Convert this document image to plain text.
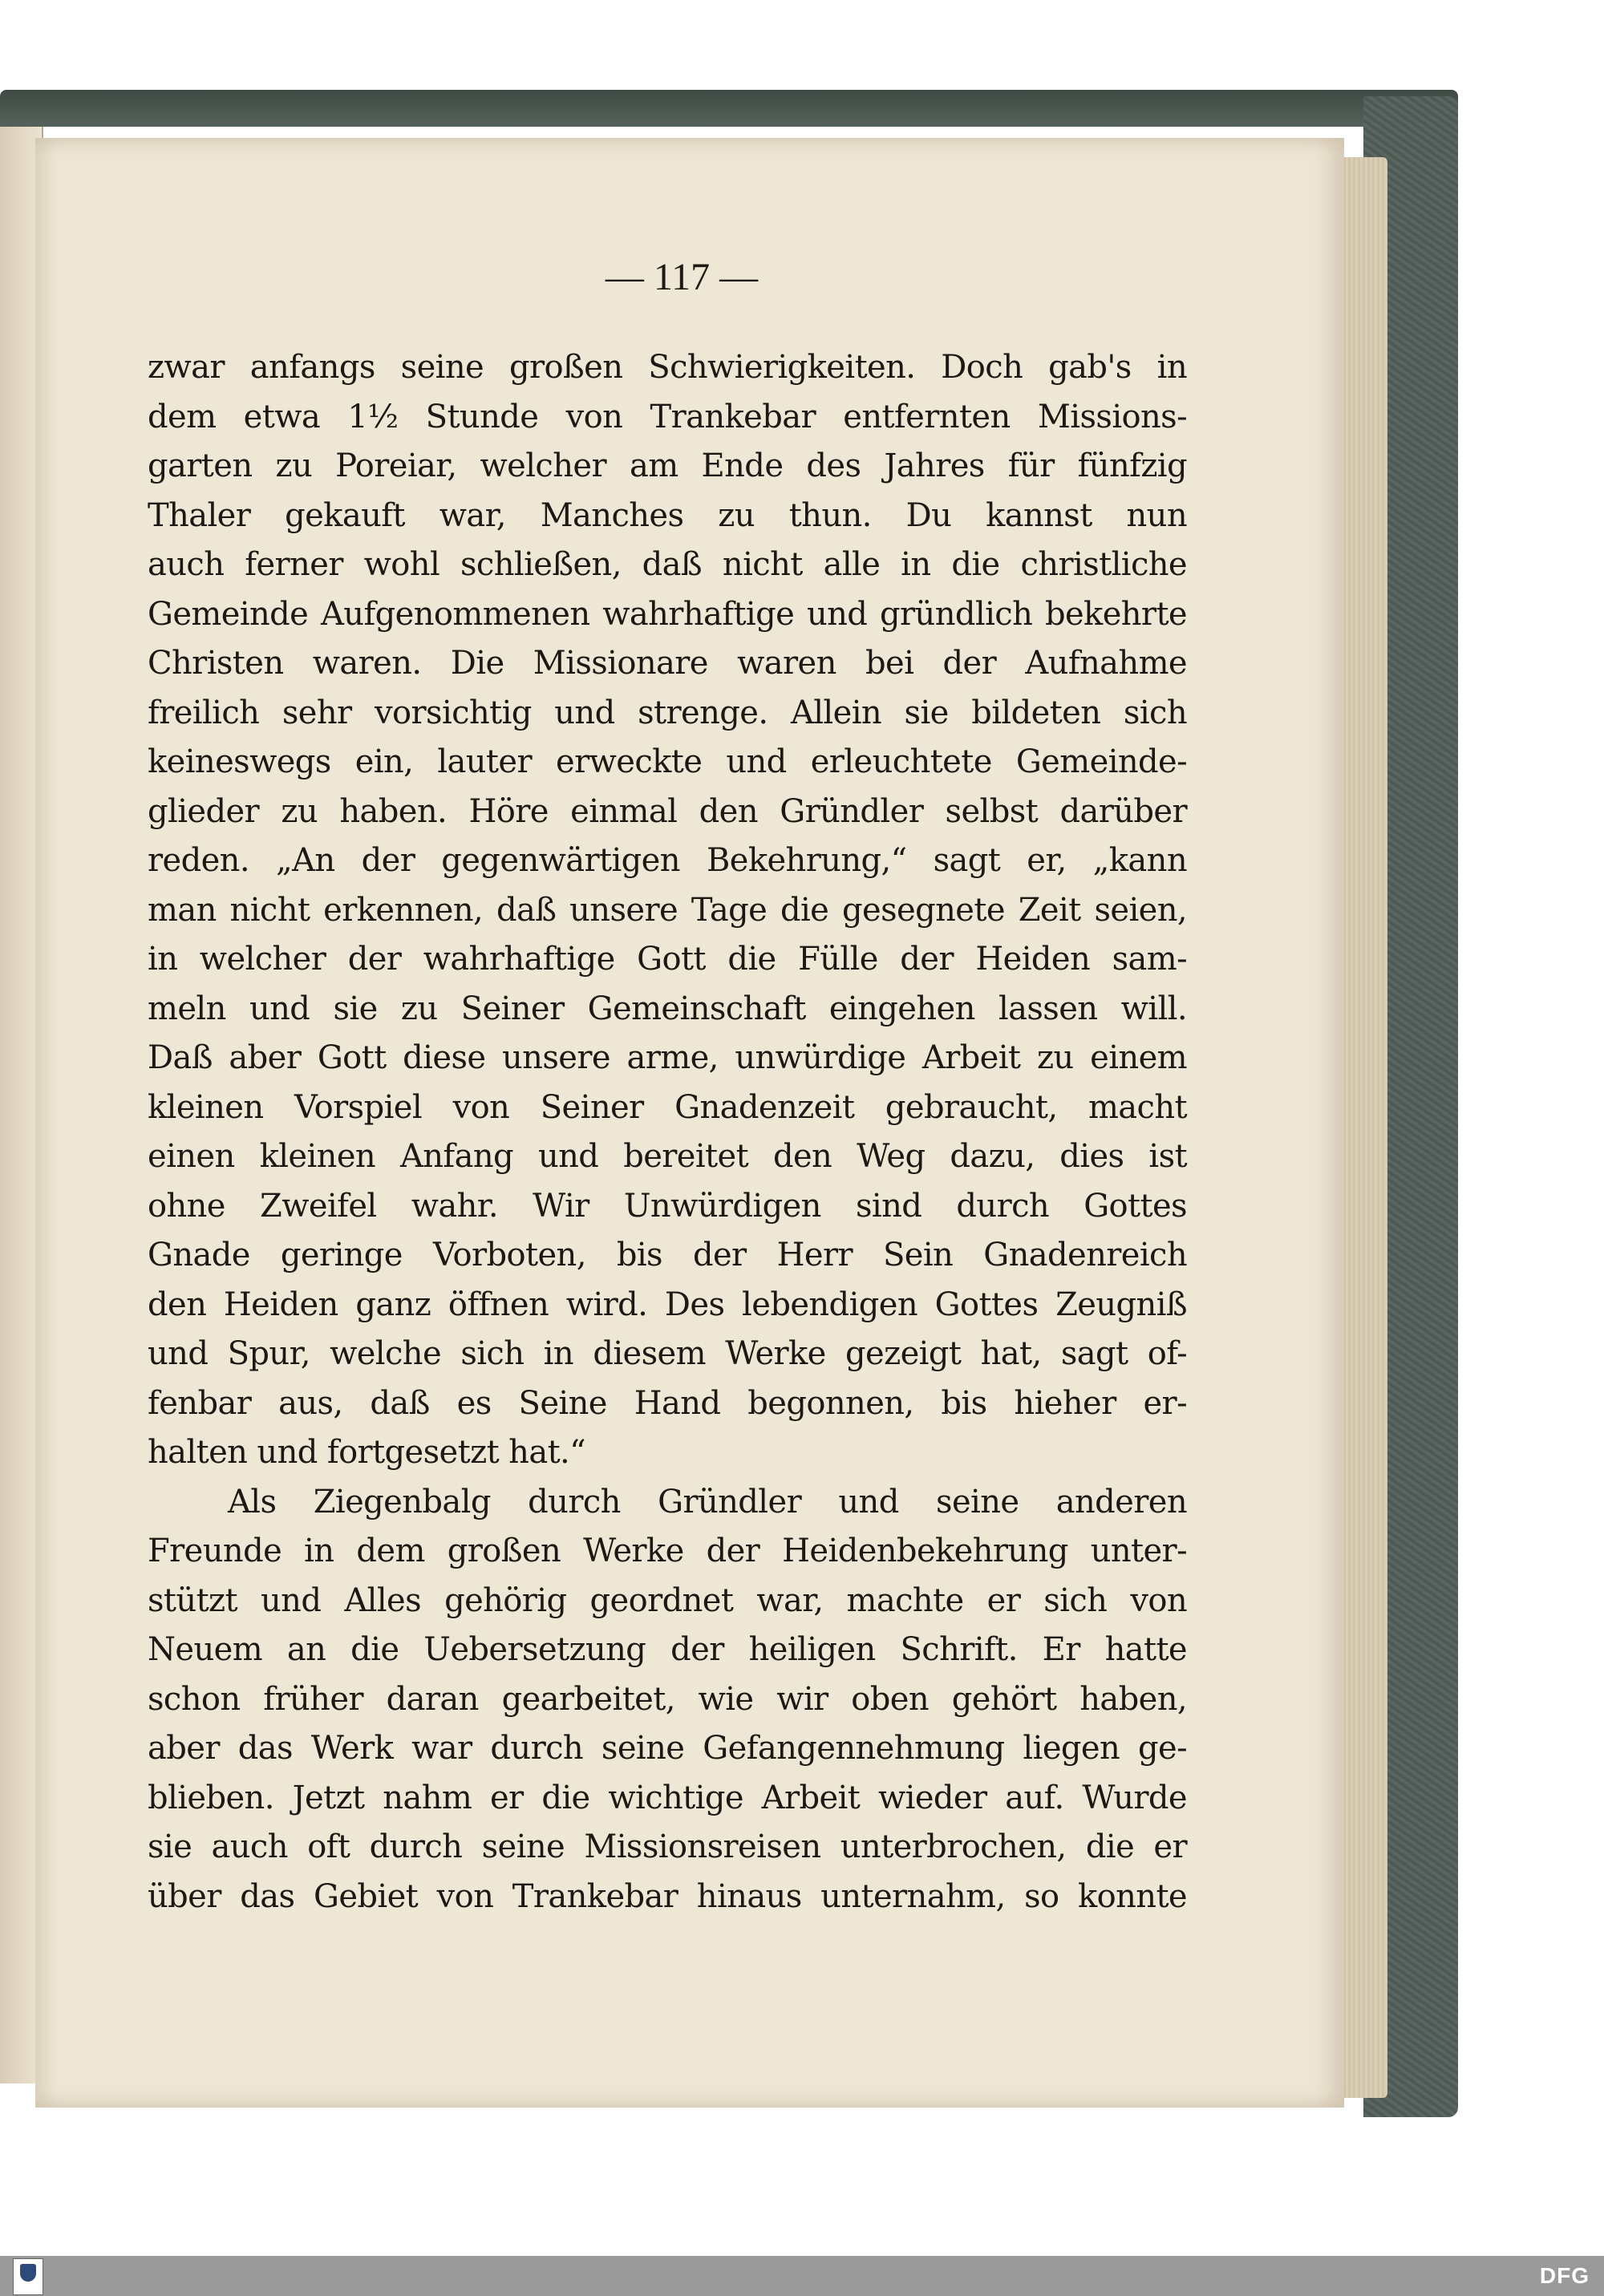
— 117 —
zwar anfangs seine großen Schwierigkeiten. Doch gab's in
dem etwa 1½ Stunde von Trankebar entfernten Missions-
garten zu Poreiar, welcher am Ende des Jahres für fünfzig
Thaler gekauft war, Manches zu thun. Du kannst nun
auch ferner wohl schließen, daß nicht alle in die christliche
Gemeinde Aufgenommenen wahrhaftige und gründlich bekehrte
Christen waren. Die Missionare waren bei der Aufnahme
freilich sehr vorsichtig und strenge. Allein sie bildeten sich
keineswegs ein, lauter erweckte und erleuchtete Gemeinde-
glieder zu haben. Höre einmal den Gründler selbst darüber
reden. „An der gegenwärtigen Bekehrung,“ sagt er, „kann
man nicht erkennen, daß unsere Tage die gesegnete Zeit seien,
in welcher der wahrhaftige Gott die Fülle der Heiden sam-
meln und sie zu Seiner Gemeinschaft eingehen lassen will.
Daß aber Gott diese unsere arme, unwürdige Arbeit zu einem
kleinen Vorspiel von Seiner Gnadenzeit gebraucht, macht
einen kleinen Anfang und bereitet den Weg dazu, dies ist
ohne Zweifel wahr. Wir Unwürdigen sind durch Gottes
Gnade geringe Vorboten, bis der Herr Sein Gnadenreich
den Heiden ganz öffnen wird. Des lebendigen Gottes Zeugniß
und Spur, welche sich in diesem Werke gezeigt hat, sagt of-
fenbar aus, daß es Seine Hand begonnen, bis hieher er-
halten und fortgesetzt hat.“
Als Ziegenbalg durch Gründler und seine anderen
Freunde in dem großen Werke der Heidenbekehrung unter-
stützt und Alles gehörig geordnet war, machte er sich von
Neuem an die Uebersetzung der heiligen Schrift. Er hatte
schon früher daran gearbeitet, wie wir oben gehört haben,
aber das Werk war durch seine Gefangennehmung liegen ge-
blieben. Jetzt nahm er die wichtige Arbeit wieder auf. Wurde
sie auch oft durch seine Missionsreisen unterbrochen, die er
über das Gebiet von Trankebar hinaus unternahm, so konnte
DFG
